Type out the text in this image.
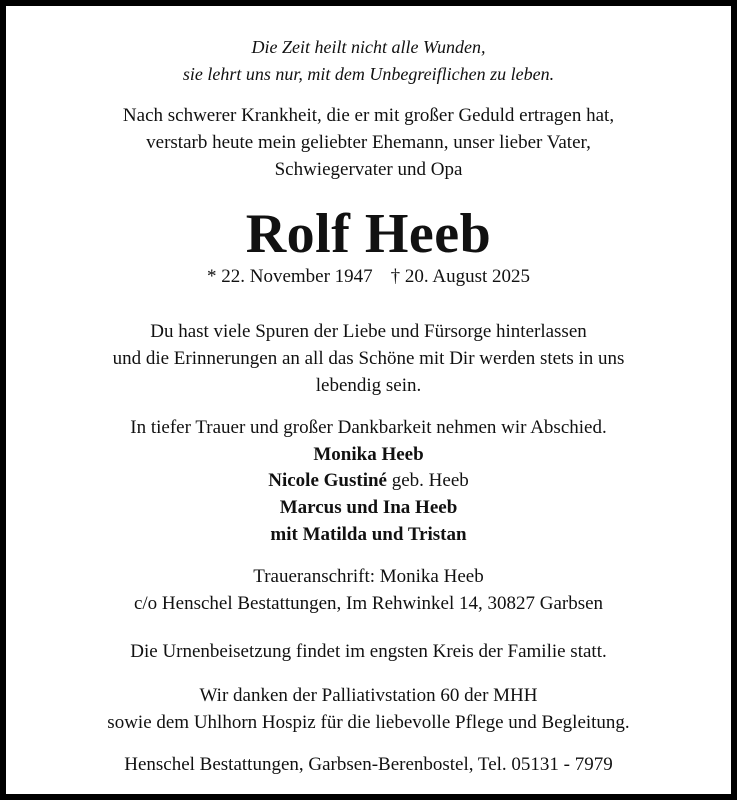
Die Zeit heilt nicht alle Wunden,
sie lehrt uns nur, mit dem Unbegreiflichen zu leben.
Nach schwerer Krankheit, die er mit großer Geduld ertragen hat,
verstarb heute mein geliebter Ehemann, unser lieber Vater,
Schwiegervater und Opa
Rolf Heeb
* 22. November 1947 † 20. August 2025
Du hast viele Spuren der Liebe und Fürsorge hinterlassen
und die Erinnerungen an all das Schöne mit Dir werden stets in uns
lebendig sein.
In tiefer Trauer und großer Dankbarkeit nehmen wir Abschied.
Monika Heeb
Nicole Gustiné geb. Heeb
Marcus und Ina Heeb
mit Matilda und Tristan
Traueranschrift: Monika Heeb
c/o Henschel Bestattungen, Im Rehwinkel 14, 30827 Garbsen
Die Urnenbeisetzung findet im engsten Kreis der Familie statt.
Wir danken der Palliativstation 60 der MHH
sowie dem Uhlhorn Hospiz für die liebevolle Pflege und Begleitung.
Henschel Bestattungen, Garbsen-Berenbostel, Tel. 05131 - 7979
